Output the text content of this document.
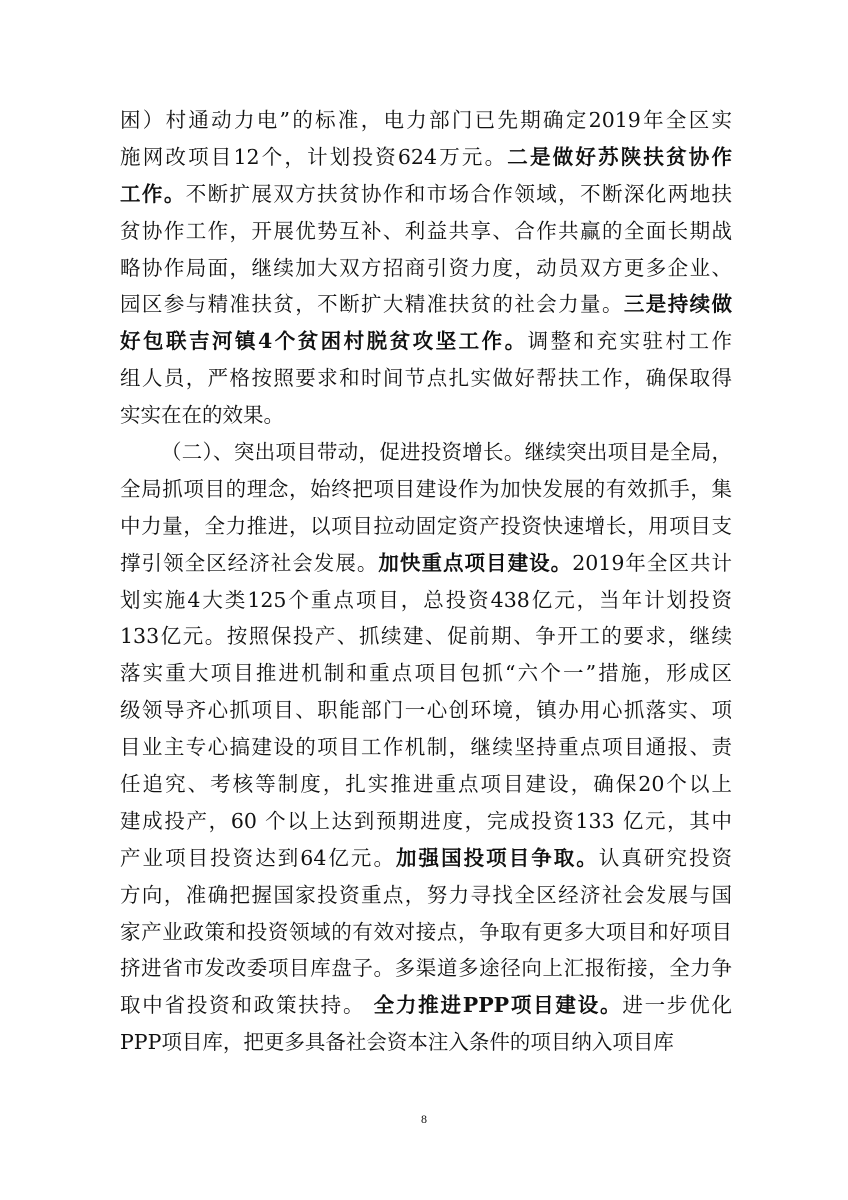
困）村通动力电”的标准，电力部门已先期确定2019年全区实
施网改项目12个，计划投资624万元。二是做好苏陕扶贫协作
工作。不断扩展双方扶贫协作和市场合作领域，不断深化两地扶
贫协作工作，开展优势互补、利益共享、合作共赢的全面长期战
略协作局面，继续加大双方招商引资力度，动员双方更多企业、
园区参与精准扶贫，不断扩大精准扶贫的社会力量。三是持续做
好包联吉河镇4个贫困村脱贫攻坚工作。调整和充实驻村工作
组人员，严格按照要求和时间节点扎实做好帮扶工作，确保取得
实实在在的效果。
（二）、突出项目带动，促进投资增长。继续突出项目是全局，
全局抓项目的理念，始终把项目建设作为加快发展的有效抓手，集
中力量，全力推进，以项目拉动固定资产投资快速增长，用项目支
撑引领全区经济社会发展。加快重点项目建设。2019年全区共计
划实施4大类125个重点项目，总投资438亿元，当年计划投资
133亿元。按照保投产、抓续建、促前期、争开工的要求，继续
落实重大项目推进机制和重点项目包抓“六个一”措施，形成区
级领导齐心抓项目、职能部门一心创环境，镇办用心抓落实、项
目业主专心搞建设的项目工作机制，继续坚持重点项目通报、责
任追究、考核等制度，扎实推进重点项目建设，确保20个以上
建成投产，60 个以上达到预期进度，完成投资133 亿元，其中
产业项目投资达到64亿元。加强国投项目争取。认真研究投资
方向，准确把握国家投资重点，努力寻找全区经济社会发展与国
家产业政策和投资领域的有效对接点，争取有更多大项目和好项目
挤进省市发改委项目库盘子。多渠道多途径向上汇报衔接，全力争
取中省投资和政策扶持。 全力推进PPP项目建设。进一步优化
PPP项目库，把更多具备社会资本注入条件的项目纳入项目库
8
